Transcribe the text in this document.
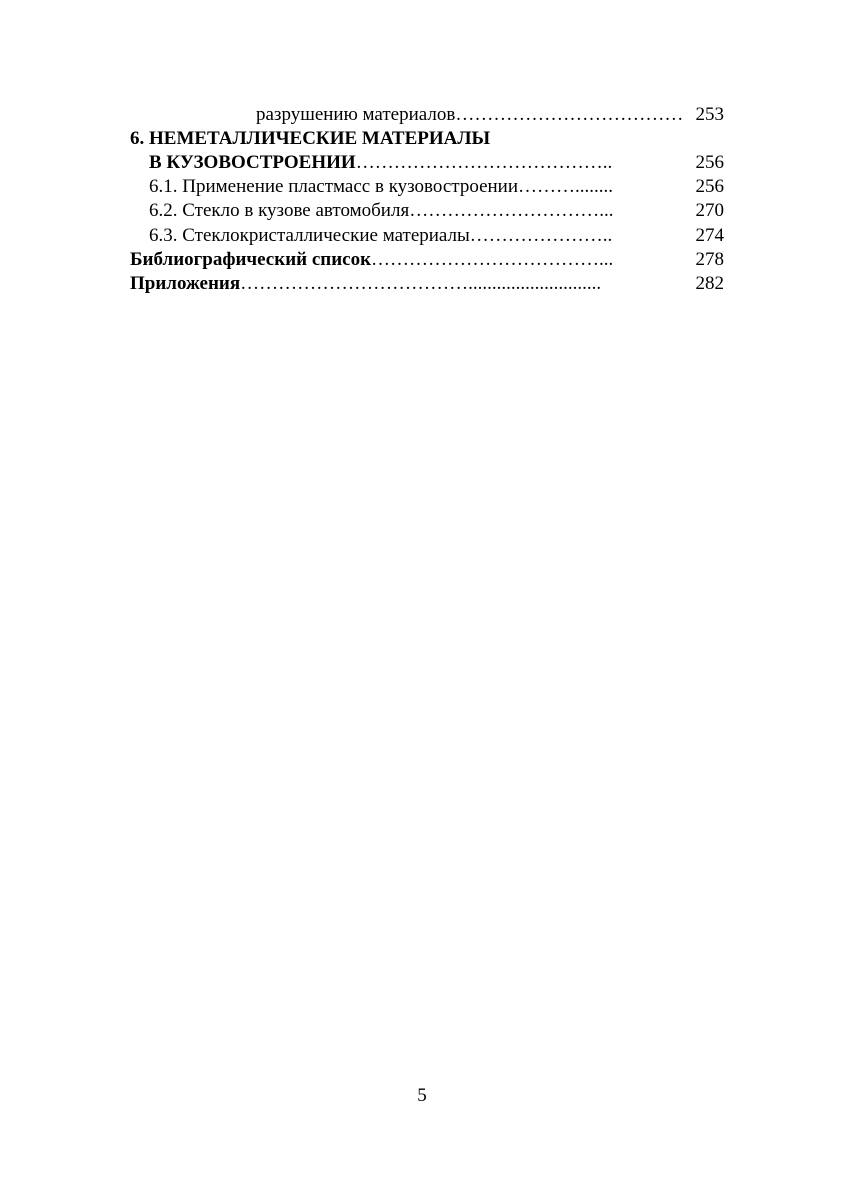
разрушению материалов……………………………… 253
6. НЕМЕТАЛЛИЧЕСКИЕ МАТЕРИАЛЫ
В КУЗОВОСТРОЕНИИ…………………………………..	256
6.1. Применение пластмасс в кузовостроении………........	256
6.2. Стекло в кузове автомобиля…………………………...	270
6.3. Стеклокристаллические материалы…………………..	274
Библиографический список………………………………...	278
Приложения………………………………............................	282
5
